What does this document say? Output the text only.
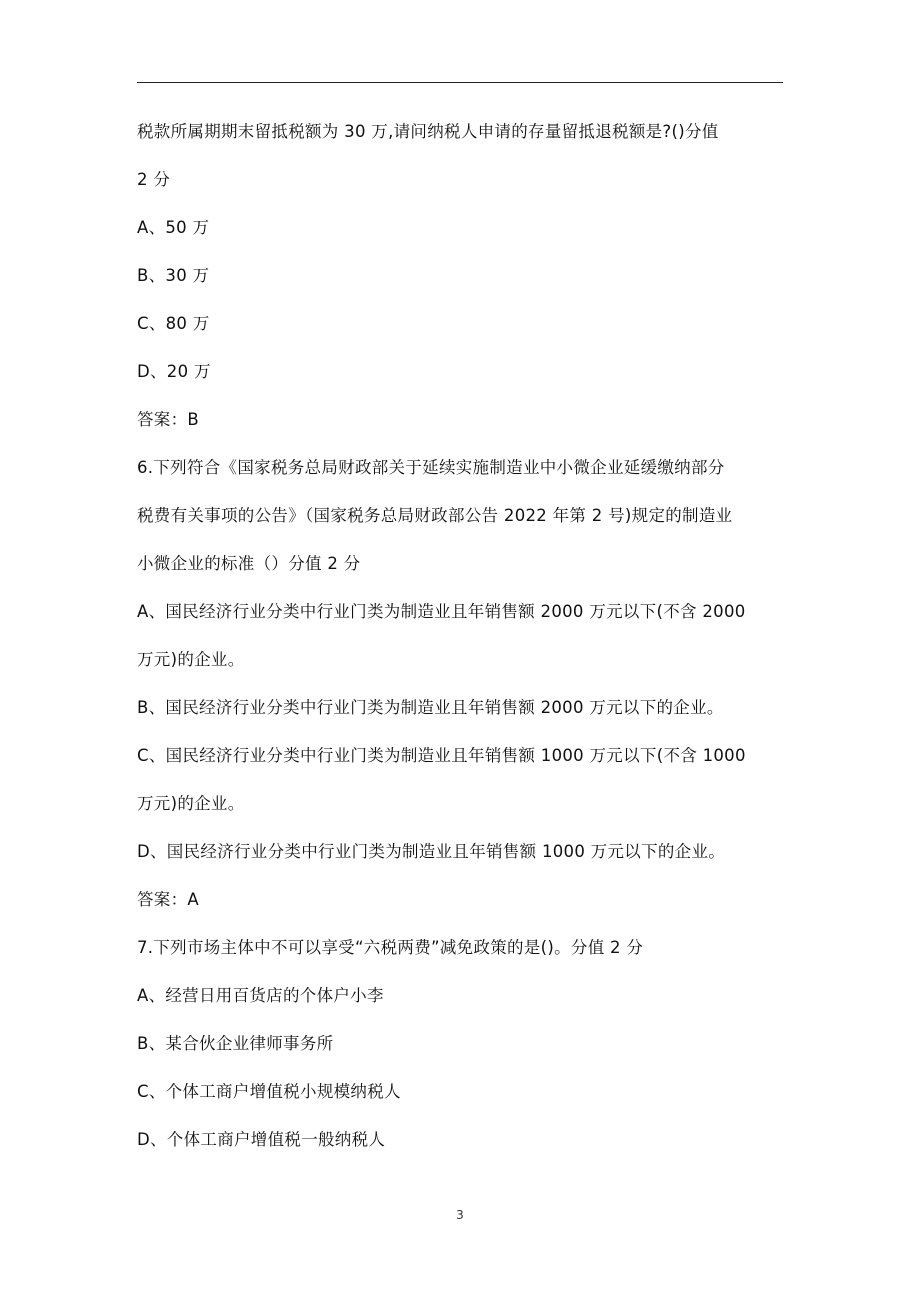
税款所属期期末留抵税额为 30 万,请问纳税人申请的存量留抵退税额是?()分值
2 分
A、50 万
B、30 万
C、80 万
D、20 万
答案：B
6.下列符合《国家税务总局财政部关于延续实施制造业中小微企业延缓缴纳部分
税费有关事项的公告》（国家税务总局财政部公告 2022 年第 2 号)规定的制造业
小微企业的标准（）分值 2 分
A、国民经济行业分类中行业门类为制造业且年销售额 2000 万元以下(不含 2000
万元)的企业。
B、国民经济行业分类中行业门类为制造业且年销售额 2000 万元以下的企业。
C、国民经济行业分类中行业门类为制造业且年销售额 1000 万元以下(不含 1000
万元)的企业。
D、国民经济行业分类中行业门类为制造业且年销售额 1000 万元以下的企业。
答案：A
7.下列市场主体中不可以享受“六税两费”减免政策的是()。分值 2 分
A、经营日用百货店的个体户小李
B、某合伙企业律师事务所
C、个体工商户增值税小规模纳税人
D、个体工商户增值税一般纳税人
3
